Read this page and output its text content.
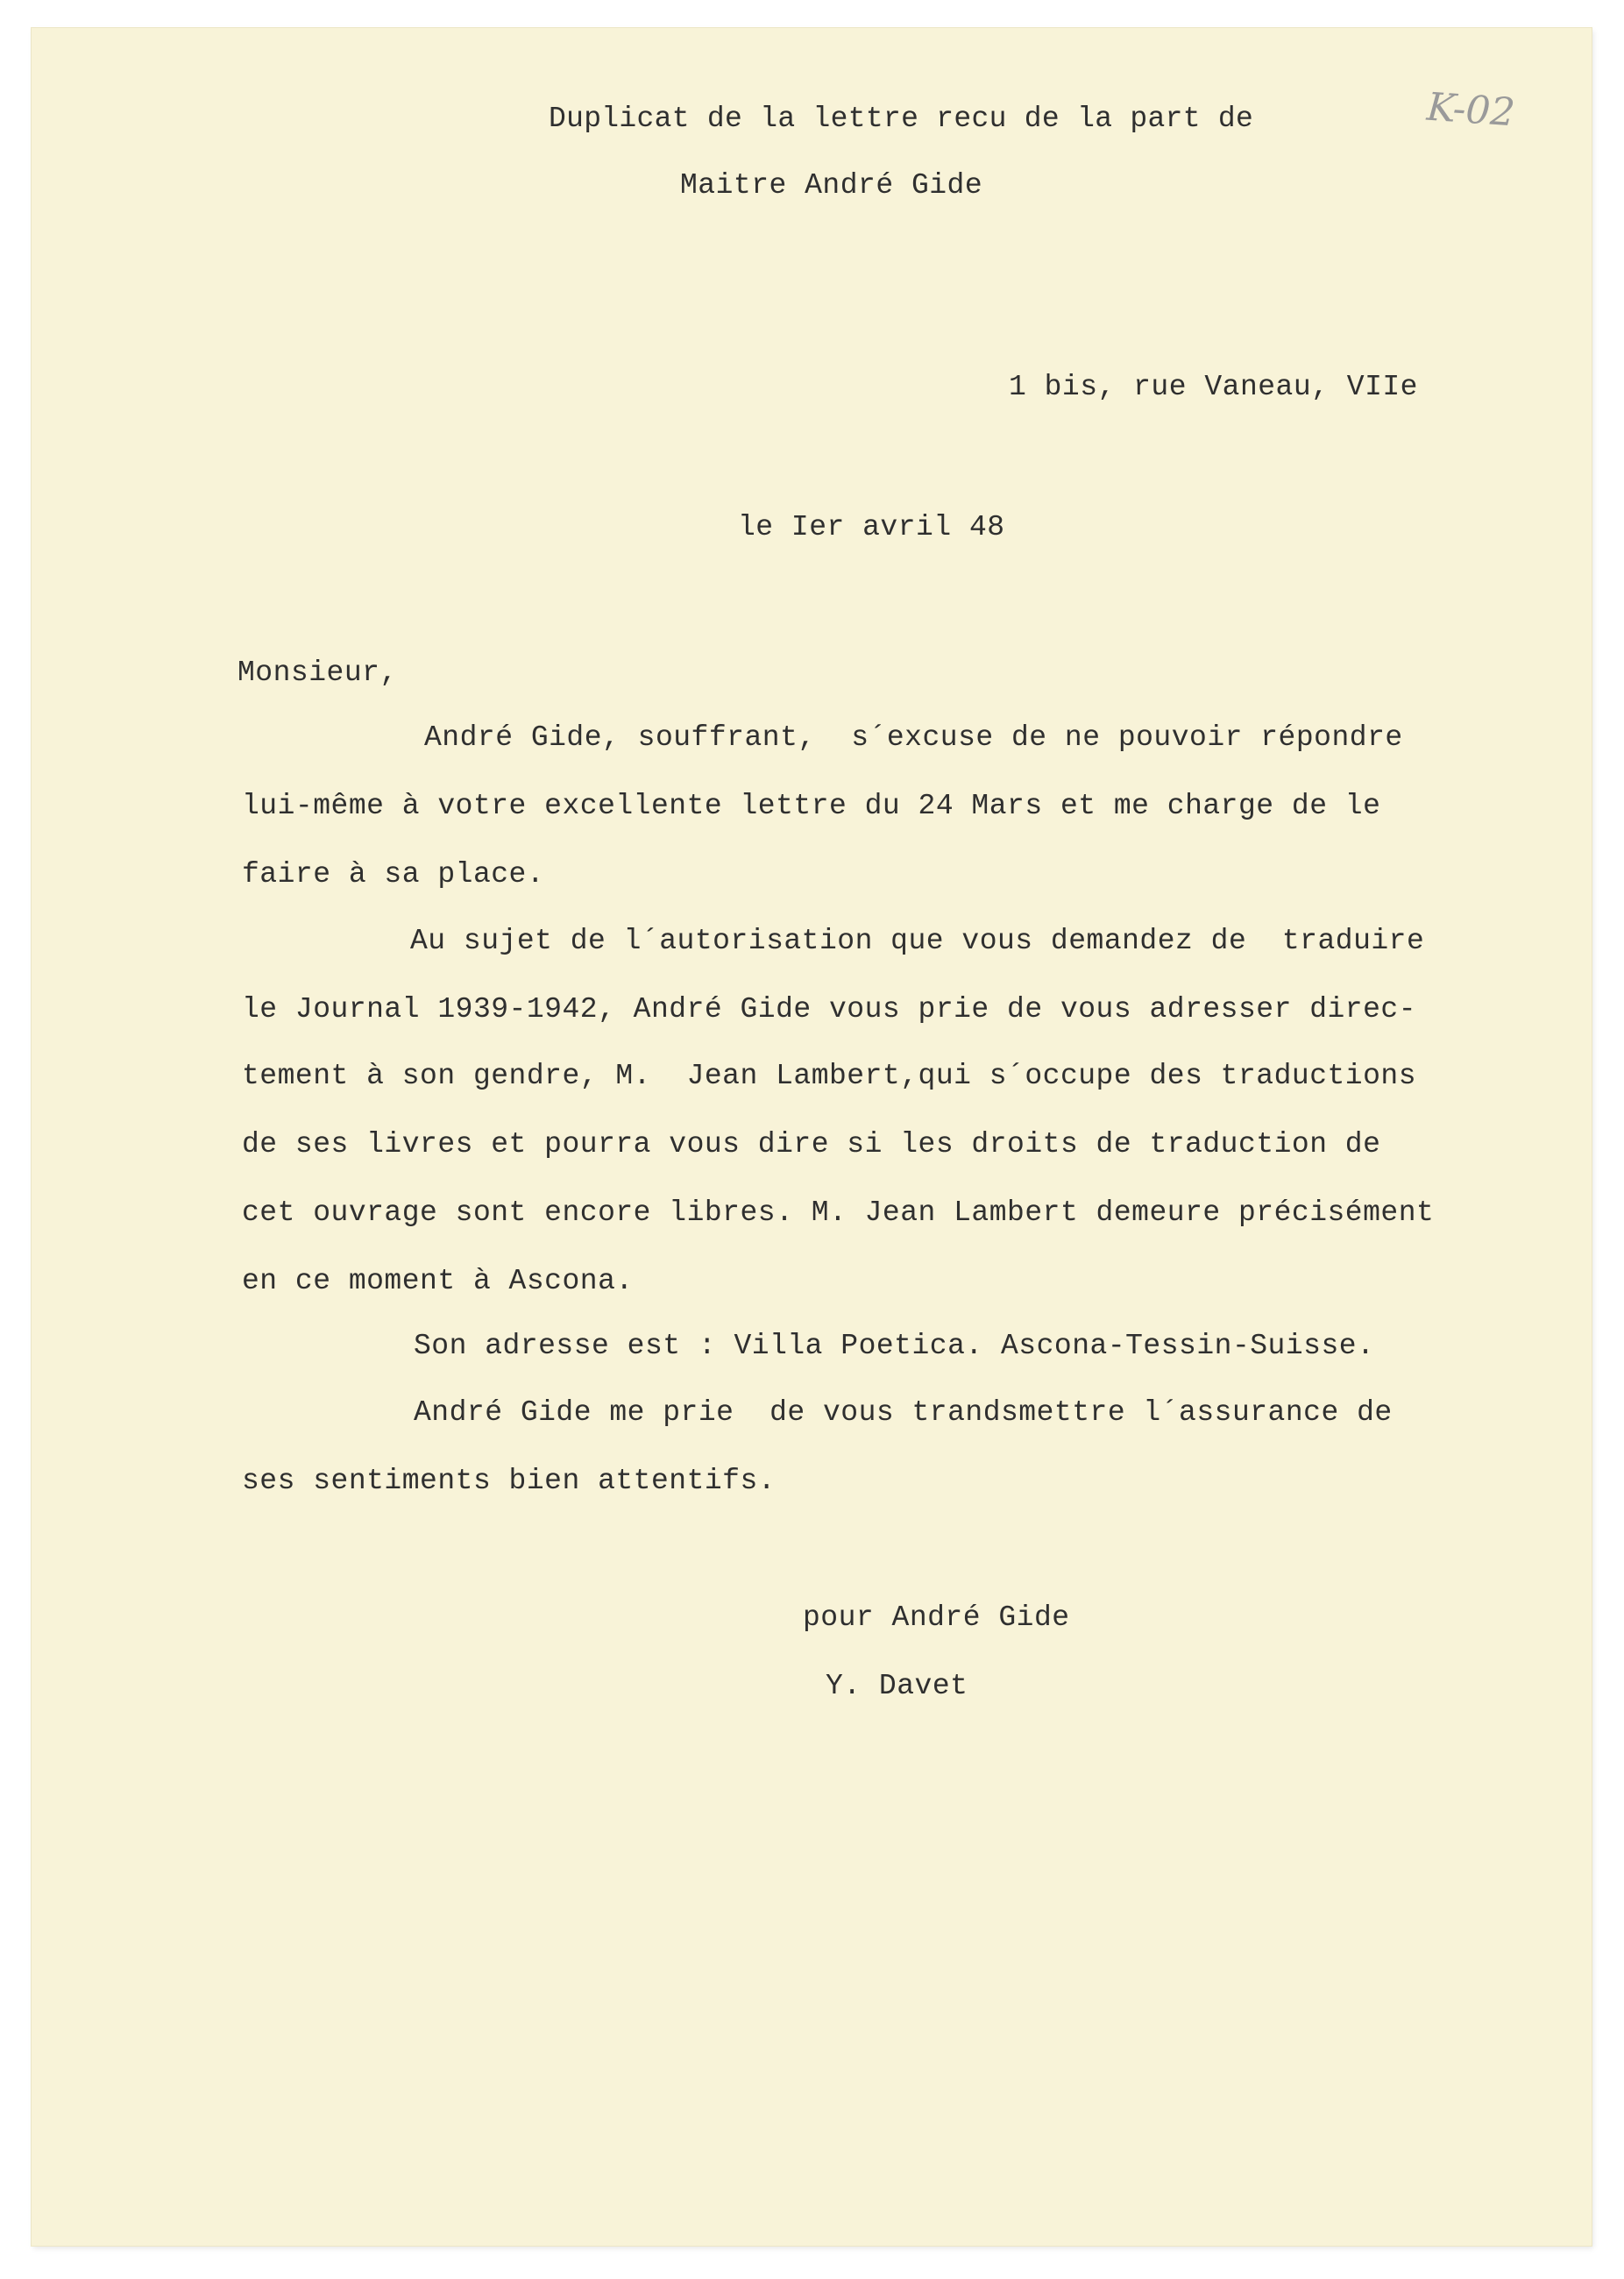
Duplicat de la lettre recu de la part de
Maitre André Gide
K-02
1 bis, rue Vaneau, VIIe
le Ier avril 48
Monsieur,
André Gide, souffrant,  s´excuse de ne pouvoir répondre
lui-même à votre excellente lettre du 24 Mars et me charge de le
faire à sa place.
Au sujet de l´autorisation que vous demandez de  traduire
le Journal 1939-1942, André Gide vous prie de vous adresser direc-
tement à son gendre, M.  Jean Lambert,qui s´occupe des traductions
de ses livres et pourra vous dire si les droits de traduction de
cet ouvrage sont encore libres. M. Jean Lambert demeure précisément
en ce moment à Ascona.
Son adresse est : Villa Poetica. Ascona-Tessin-Suisse.
André Gide me prie  de vous trandsmettre l´assurance de
ses sentiments bien attentifs.
pour André Gide
Y. Davet
